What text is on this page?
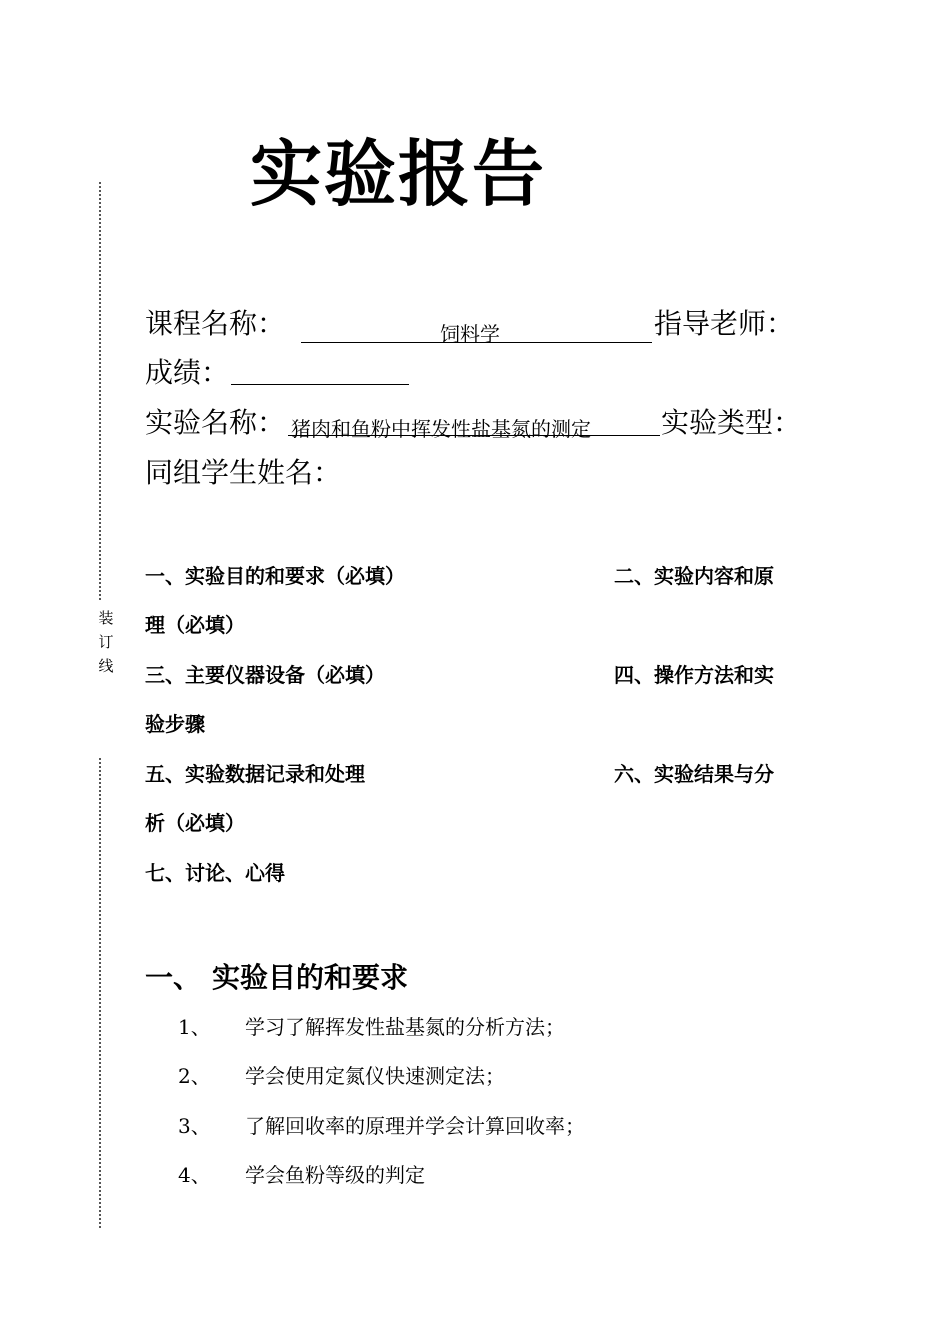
实验报告
装
订
线
课程名称：	饲料学	指导老师：
成绩：
实验名称： 猪肉和鱼粉中挥发性盐基氮的测定	实验类型：
同组学生姓名：
一、实验目的和要求（必填）	二、实验内容和原
理（必填）
三、主要仪器设备（必填）	四、操作方法和实
验步骤
五、实验数据记录和处理	六、实验结果与分
析（必填）
七、讨论、心得
一、 实验目的和要求
1、 学习了解挥发性盐基氮的分析方法；
2、 学会使用定氮仪快速测定法；
3、 了解回收率的原理并学会计算回收率；
4、 学会鱼粉等级的判定
